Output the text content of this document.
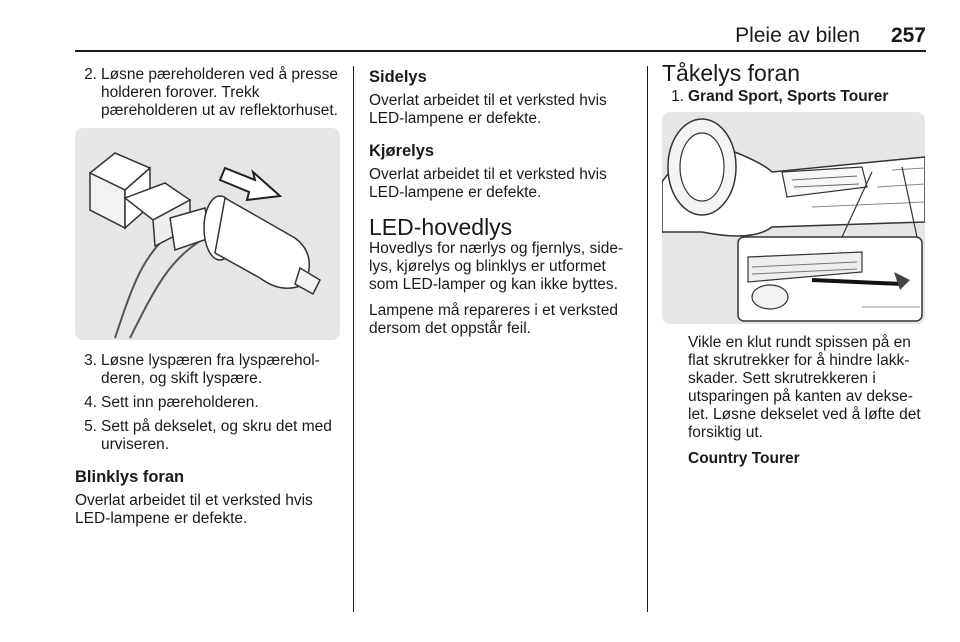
Pleie av bilen 257
2. Løsne pæreholderen ved å presse holderen forover. Trekk pæreholderen ut av reflektorhuset.
3. Løsne lyspæren fra lyspæreholderen, og skift lyspære.
4. Sett inn pæreholderen.
5. Sett på dekselet, og skru det med urviseren.
Blinklys foran
Overlat arbeidet til et verksted hvis LED-lampene er defekte.
Sidelys
Overlat arbeidet til et verksted hvis LED-lampene er defekte.
Kjørelys
Overlat arbeidet til et verksted hvis LED-lampene er defekte.
LED-hovedlys
Hovedlys for nærlys og fjernlys, sidelys, kjørelys og blinklys er utformet som LED-lamper og kan ikke byttes.
Lampene må repareres i et verksted dersom det oppstår feil.
Tåkelys foran
1. Grand Sport, Sports Tourer
Vikle en klut rundt spissen på en flat skrutrekker for å hindre lakkskader. Sett skrutrekkeren i utsparingen på kanten av dekselet. Løsne dekselet ved å løfte det forsiktig ut.
Country Tourer
